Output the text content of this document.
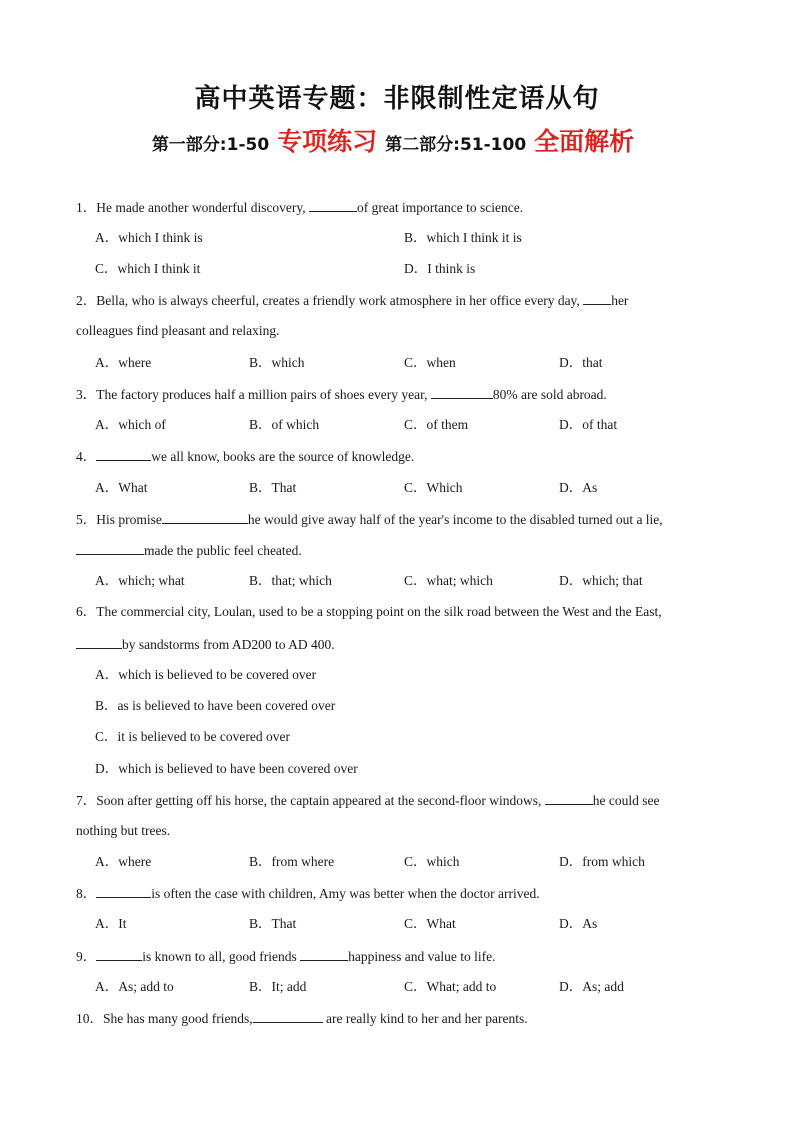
高中英语专题：非限制性定语从句
第一部分:1-50 专项练习 第二部分:51-100 全面解析
1．He made another wonderful discovery,	of great importance to science.
A．which I think is	B．which I think it is
C．which I think it	D．I think is
2．Bella, who is always cheerful, creates a friendly work atmosphere in her office every day, her
colleagues find pleasant and relaxing.
A．where	B．which	C．when	D．that
3．The factory produces half a million pairs of shoes every year,	80% are sold abroad.
A．which of	B．of which	C．of them	D．of that
4．	we all know, books are the source of knowledge.
A．What	B．That	C．Which	D．As
5．His promise	he would give away half of the year's income to the disabled turned out a lie,
made the public feel cheated.
A．which; what	B．that; which	C．what; which	D．which; that
6．The commercial city, Loulan, used to be a stopping point on the silk road between the West and the East,
by sandstorms from AD200 to AD 400.
A．which is believed to be covered over
B．as is believed to have been covered over
C．it is believed to be covered over
D．which is believed to have been covered over
7．Soon after getting off his horse, the captain appeared at the second-floor windows,	he could see
nothing but trees.
A．where	B．from where	C．which	D．from which
8．	is often the case with children, Amy was better when the doctor arrived.
A．It	B．That	C．What	D．As
9．	is known to all, good friends	happiness and value to life.
A．As; add to	B．It; add	C．What; add to	D．As; add
10．She has many good friends,	are really kind to her and her parents.
